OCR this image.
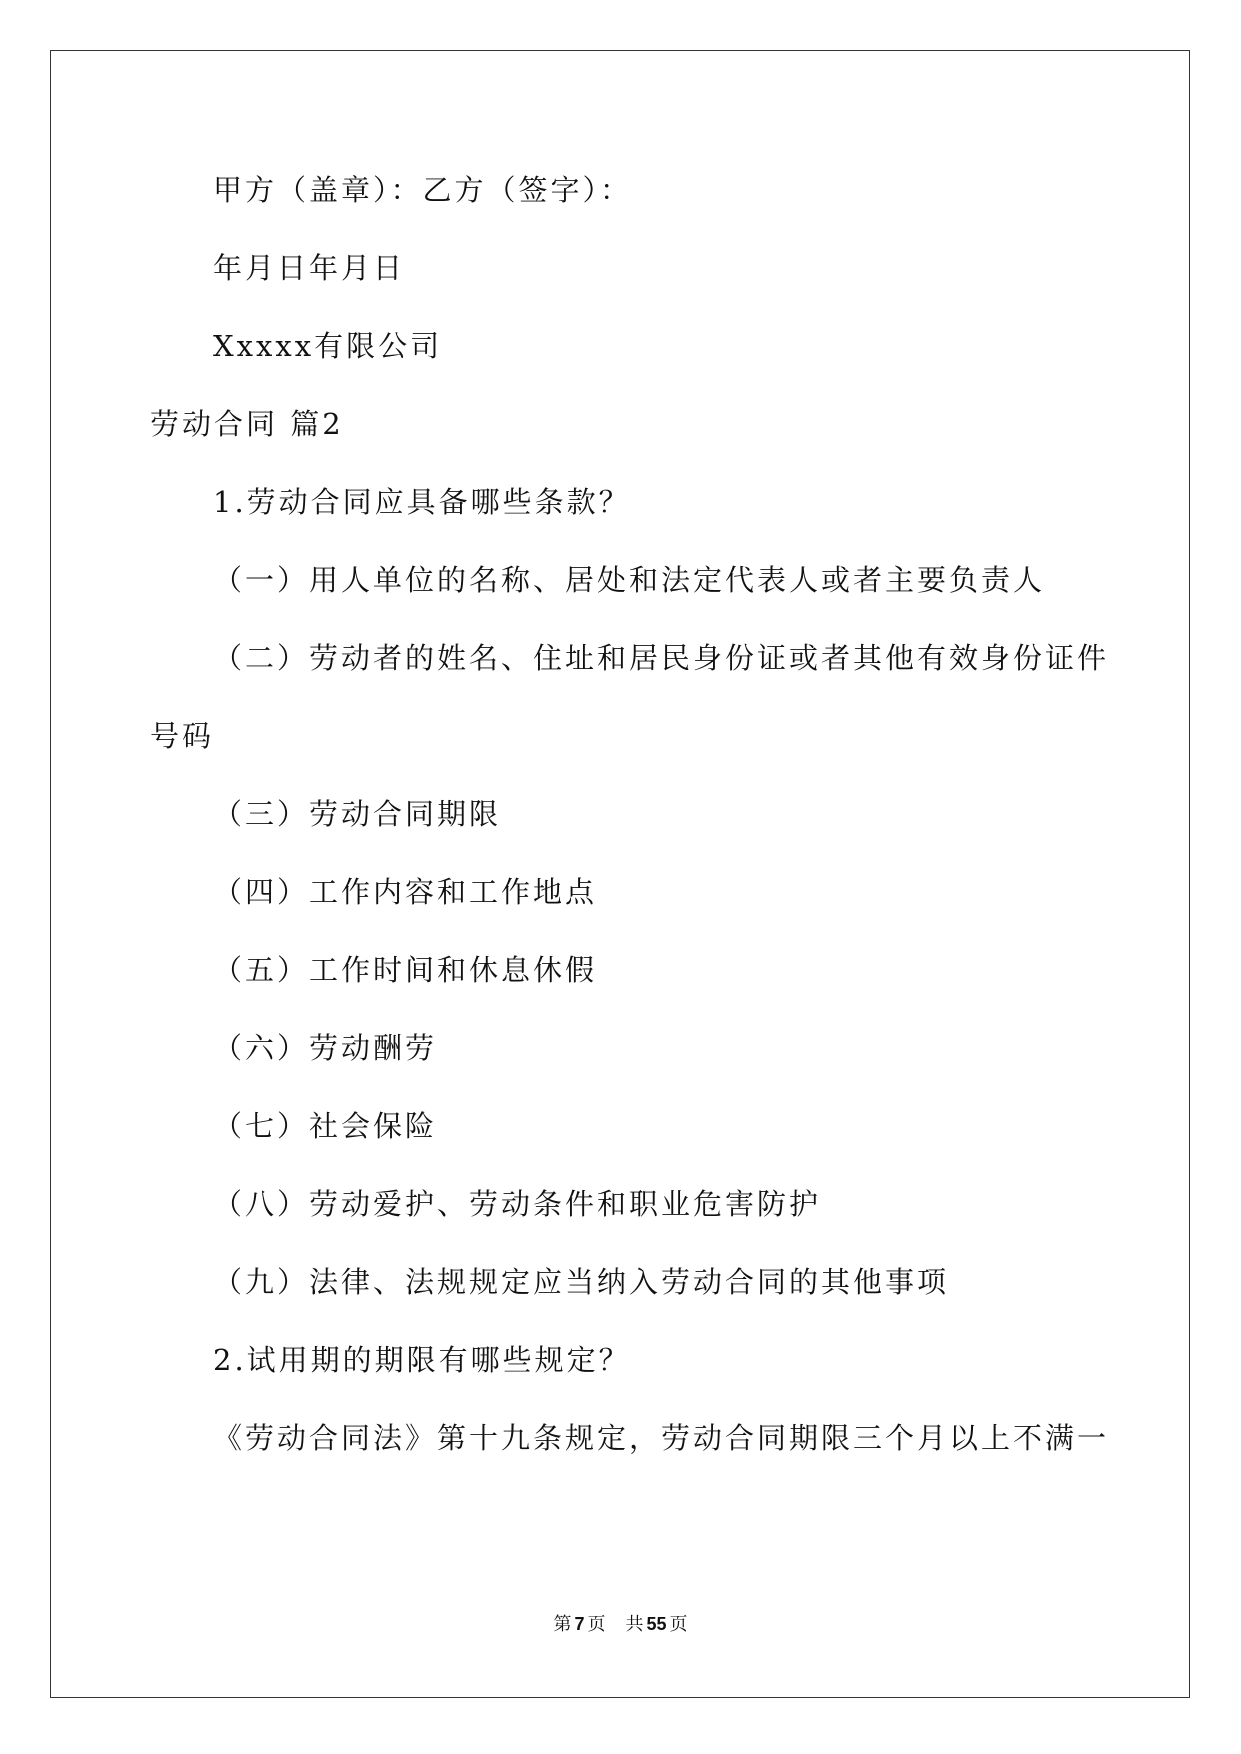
甲方（盖章）：乙方（签字）：
年月日年月日
Xxxxx有限公司
劳动合同 篇2
1.劳动合同应具备哪些条款？
（一）用人单位的名称、居处和法定代表人或者主要负责人
（二）劳动者的姓名、住址和居民身份证或者其他有效身份证件
号码
（三）劳动合同期限
（四）工作内容和工作地点
（五）工作时间和休息休假
（六）劳动酬劳
（七）社会保险
（八）劳动爱护、劳动条件和职业危害防护
（九）法律、法规规定应当纳入劳动合同的其他事项
2.试用期的期限有哪些规定？
《劳动合同法》第十九条规定，劳动合同期限三个月以上不满一
第 7 页 共 55 页
